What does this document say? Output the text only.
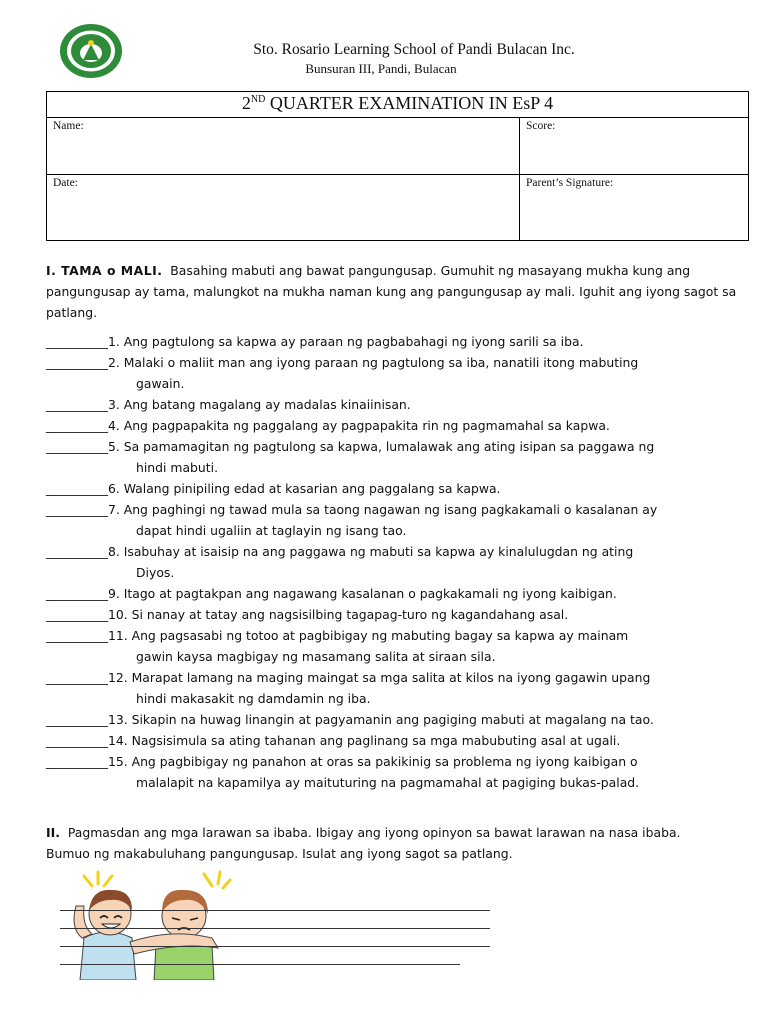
Sto. Rosario Learning School of Pandi Bulacan Inc.
Bunsuran III, Pandi, Bulacan
2ND QUARTER EXAMINATION IN EsP 4	
Name:	Score:
Date:	Parent’s Signature:
I. TAMA o MALI. Basahing mabuti ang bawat pangungusap. Gumuhit ng masayang mukha kung ang pangungusap ay tama, malungkot na mukha naman kung ang pangungusap ay mali. Iguhit ang iyong sagot sa patlang.
__________ 1. Ang pagtulong sa kapwa ay paraan ng pagbabahagi ng iyong sarili sa iba.
__________ 2. Malaki o maliit man ang iyong paraan ng pagtulong sa iba, nanatili itong mabuting
gawain.
__________ 3. Ang batang magalang ay madalas kinaiinisan.
__________ 4. Ang pagpapakita ng paggalang ay pagpapakita rin ng pagmamahal sa kapwa.
__________ 5. Sa pamamagitan ng pagtulong sa kapwa, lumalawak ang ating isipan sa paggawa ng
hindi mabuti.
__________ 6. Walang pinipiling edad at kasarian ang paggalang sa kapwa.
__________ 7. Ang paghingi ng tawad mula sa taong nagawan ng isang pagkakamali o kasalanan ay
dapat hindi ugaliin at taglayin ng isang tao.
__________ 8. Isabuhay at isaisip na ang paggawa ng mabuti sa kapwa ay kinalulugdan ng ating
Diyos.
__________ 9. Itago at pagtakpan ang nagawang kasalanan o pagkakamali ng iyong kaibigan.
__________ 10. Si nanay at tatay ang nagsisilbing tagapag-turo ng kagandahang asal.
__________ 11. Ang pagsasabi ng totoo at pagbibigay ng mabuting bagay sa kapwa ay mainam
gawin kaysa magbigay ng masamang salita at siraan sila.
__________ 12. Marapat lamang na maging maingat sa mga salita at kilos na iyong gagawin upang
hindi makasakit ng damdamin ng iba.
__________ 13. Sikapin na huwag linangin at pagyamanin ang pagiging mabuti at magalang na tao.
__________ 14. Nagsisimula sa ating tahanan ang paglinang sa mga mabubuting asal at ugali.
__________ 15. Ang pagbibigay ng panahon at oras sa pakikinig sa problema ng iyong kaibigan o
malalapit na kapamilya ay maituturing na pagmamahal at pagiging bukas-palad.
II. Pagmasdan ang mga larawan sa ibaba. Ibigay ang iyong opinyon sa bawat larawan na nasa ibaba. Bumuo ng makabuluhang pangungusap. Isulat ang iyong sagot sa patlang.
